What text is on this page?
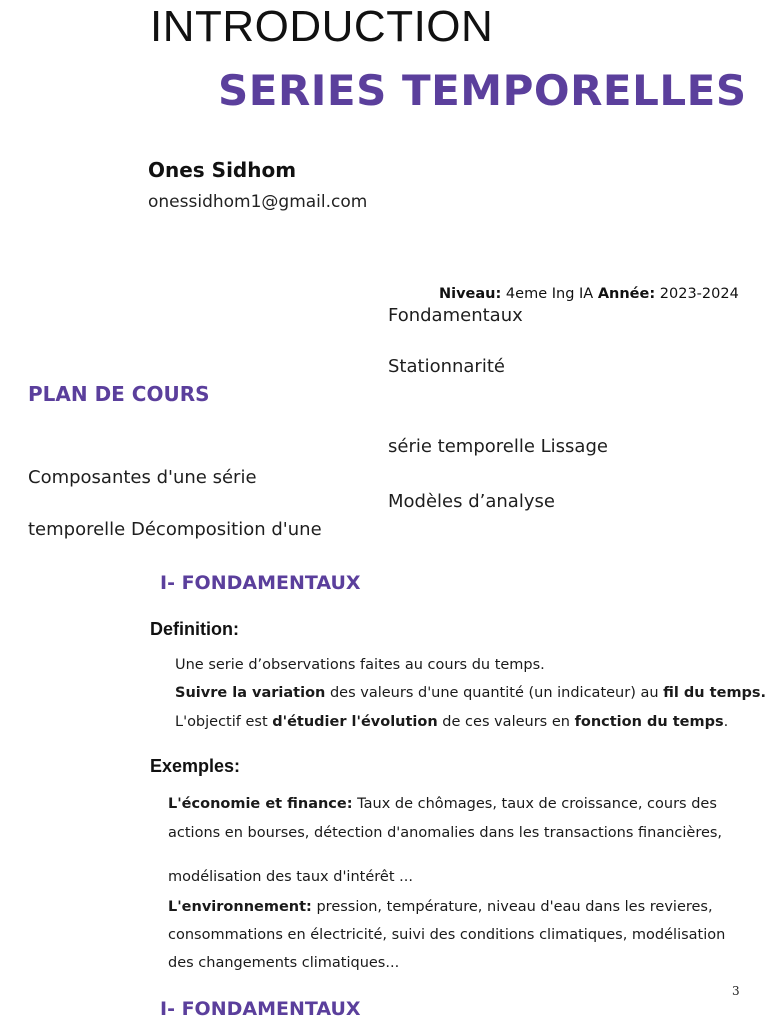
INTRODUCTION
SERIES TEMPORELLES
Ones Sidhom
onessidhom1@gmail.com
Niveau: 4eme Ing IA Année: 2023-2024
Fondamentaux
Stationnarité
PLAN DE COURS
série temporelle Lissage
Composantes d'une série
Modèles d’analyse
temporelle Décomposition d'une
I- FONDAMENTAUX
Definition:
Une serie d’observations faites au cours du temps.
Suivre la variation des valeurs d'une quantité (un indicateur) au fil du temps.
L'objectif est d'étudier l'évolution de ces valeurs en fonction du temps.
Exemples:
L'économie et finance: Taux de chômages, taux de croissance, cours des
actions en bourses, détection d'anomalies dans les transactions financières,
modélisation des taux d'intérêt ...
L'environnement: pression, température, niveau d'eau dans les revieres,
consommations en électricité, suivi des conditions climatiques, modélisation
des changements climatiques...
3
I- FONDAMENTAUX
